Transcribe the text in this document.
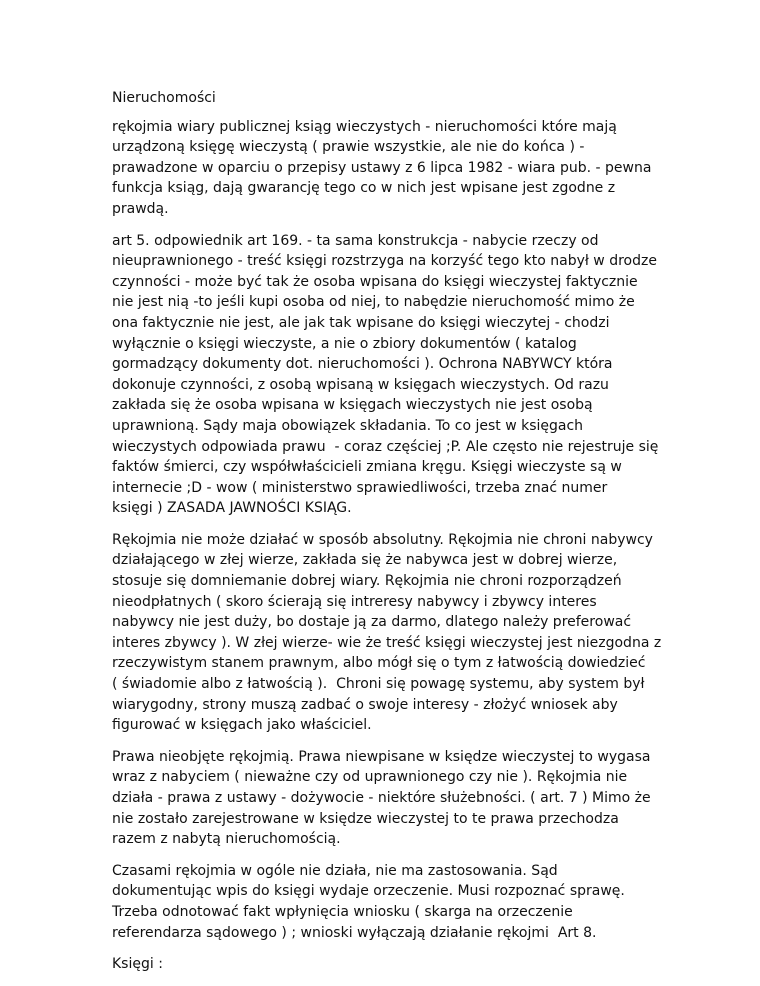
Nieruchomości

rękojmia wiary publicznej ksiąg wieczystych - nieruchomości które mają
urządzoną księgę wieczystą ( prawie wszystkie, ale nie do końca ) -
prawadzone w oparciu o przepisy ustawy z 6 lipca 1982 - wiara pub. - pewna
funkcja ksiąg, dają gwarancję tego co w nich jest wpisane jest zgodne z
prawdą.

art 5. odpowiednik art 169. - ta sama konstrukcja - nabycie rzeczy od
nieuprawnionego - treść księgi rozstrzyga na korzyść tego kto nabył w drodze
czynności - może być tak że osoba wpisana do księgi wieczystej faktycznie
nie jest nią -to jeśli kupi osoba od niej, to nabędzie nieruchomość mimo że
ona faktycznie nie jest, ale jak tak wpisane do księgi wieczytej - chodzi
wyłącznie o księgi wieczyste, a nie o zbiory dokumentów ( katalog
gormadzący dokumenty dot. nieruchomości ). Ochrona NABYWCY która
dokonuje czynności, z osobą wpisaną w księgach wieczystych. Od razu
zakłada się że osoba wpisana w księgach wieczystych nie jest osobą
uprawnioną. Sądy maja obowiązek składania. To co jest w księgach
wieczystych odpowiada prawu  - coraz częściej ;P. Ale często nie rejestruje się
faktów śmierci, czy współwłaścicieli zmiana kręgu. Księgi wieczyste są w
internecie ;D - wow ( ministerstwo sprawiedliwości, trzeba znać numer
księgi ) ZASADA JAWNOŚCI KSIĄG.

Rękojmia nie może działać w sposób absolutny. Rękojmia nie chroni nabywcy
działającego w złej wierze, zakłada się że nabywca jest w dobrej wierze,
stosuje się domniemanie dobrej wiary. Rękojmia nie chroni rozporządzeń
nieodpłatnych ( skoro ścierają się intreresy nabywcy i zbywcy interes
nabywcy nie jest duży, bo dostaje ją za darmo, dlatego należy preferować
interes zbywcy ). W złej wierze- wie że treść księgi wieczystej jest niezgodna z
rzeczywistym stanem prawnym, albo mógł się o tym z łatwością dowiedzieć
( świadomie albo z łatwością ).  Chroni się powagę systemu, aby system był
wiarygodny, strony muszą zadbać o swoje interesy - złożyć wniosek aby
figurować w księgach jako właściciel.

Prawa nieobjęte rękojmią. Prawa niewpisane w księdze wieczystej to wygasa
wraz z nabyciem ( nieważne czy od uprawnionego czy nie ). Rękojmia nie
działa - prawa z ustawy - dożywocie - niektóre służebności. ( art. 7 ) Mimo że
nie zostało zarejestrowane w księdze wieczystej to te prawa przechodza
razem z nabytą nieruchomością.

Czasami rękojmia w ogóle nie działa, nie ma zastosowania. Sąd
dokumentując wpis do księgi wydaje orzeczenie. Musi rozpoznać sprawę.
Trzeba odnotować fakt wpłynięcia wniosku ( skarga na orzeczenie
referendarza sądowego ) ; wnioski wyłączają działanie rękojmi  Art 8.

Księgi :
